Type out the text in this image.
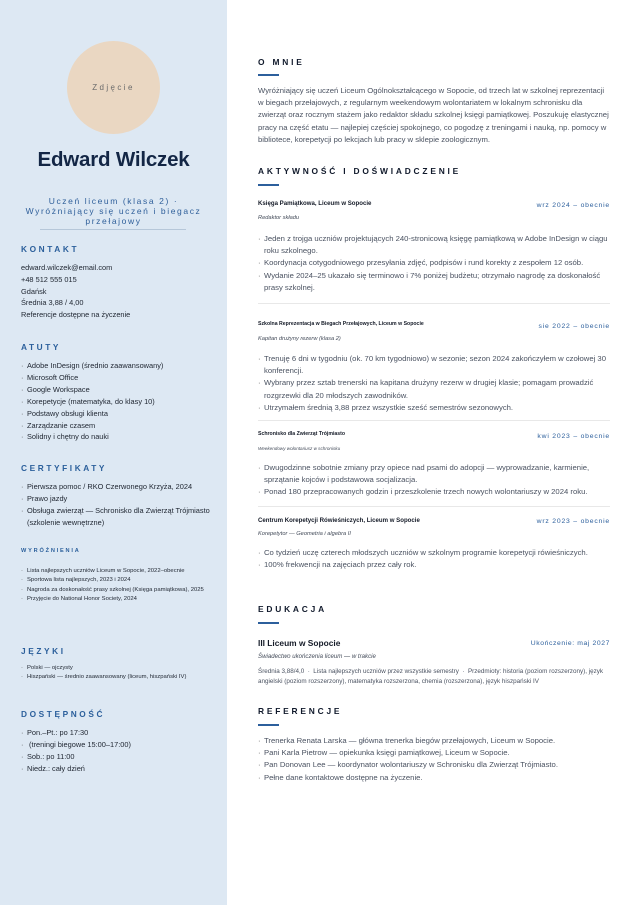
Zdjęcie
Edward Wilczek
Uczeń liceum (klasa 2) · Wyróżniający się uczeń i biegacz przełajowy
KONTAKT
edward.wilczek@email.com
+48 512 555 015
Gdańsk
Średnia 3,88 / 4,00
Referencje dostępne na życzenie
ATUTY
· Adobe InDesign (średnio zaawansowany)
· Microsoft Office
· Google Workspace
· Korepetycje (matematyka, do klasy 10)
· Podstawy obsługi klienta
· Zarządzanie czasem
· Solidny i chętny do nauki
CERTYFIKATY
· Pierwsza pomoc / RKO Czerwonego Krzyża, 2024
· Prawo jazdy
· Obsługa zwierząt — Schronisko dla Zwierząt Trójmiasto (szkolenie wewnętrzne)
WYRÓŻNIENIA
· Lista najlepszych uczniów Liceum w Sopocie, 2022–obecnie
· Sportowa lista najlepszych, 2023 i 2024
· Nagroda za doskonałość prasy szkolnej (Księga pamiątkowa), 2025
· Przyjęcie do National Honor Society, 2024
JĘZYKI
· Polski — ojczysty
· Hiszpański — średnio zaawansowany (liceum, hiszpański IV)
DOSTĘPNOŚĆ
· Pon.–Pt.: po 17:30
·  (treningi biegowe 15:00–17:00)
· Sob.: po 11:00
· Niedz.: cały dzień
O MNIE
Wyróżniający się uczeń Liceum Ogólnokształcącego w Sopocie, od trzech lat w szkolnej reprezentacji w biegach przełajowych, z regularnym weekendowym wolontariatem w lokalnym schronisku dla zwierząt oraz rocznym stażem jako redaktor składu szkolnej księgi pamiątkowej. Poszukuję elastycznej pracy na część etatu — najlepiej częściej spokojnego, co pogodzę z treningami i nauką, np. pomocy w bibliotece, korepetycji po lekcjach lub pracy w sklepie zoologicznym.
AKTYWNOŚĆ I DOŚWIADCZENIE
Księga Pamiątkowa, Liceum w Sopocie	wrz 2024 – obecnie
Redaktor składu
· Jeden z trojga uczniów projektujących 240-stronicową księgę pamiątkową w Adobe InDesign w ciągu roku szkolnego.
· Koordynacja cotygodniowego przesyłania zdjęć, podpisów i rund korekty z zespołem 12 osób.
· Wydanie 2024–25 ukazało się terminowo i 7% poniżej budżetu; otrzymało nagrodę za doskonałość prasy szkolnej.
Szkolna Reprezentacja w Biegach Przełajowych, Liceum w Sopocie	sie 2022 – obecnie
Kapitan drużyny rezerw (klasa 2)
· Trenuję 6 dni w tygodniu (ok. 70 km tygodniowo) w sezonie; sezon 2024 zakończyłem w czołowej 30 konferencji.
· Wybrany przez sztab trenerski na kapitana drużyny rezerw w drugiej klasie; pomagam prowadzić rozgrzewki dla 20 młodszych zawodników.
· Utrzymałem średnią 3,88 przez wszystkie sześć semestrów sezonowych.
Schronisko dla Zwierząt Trójmiasto	kwi 2023 – obecnie
Weekendowy wolontariusz w schronisku
· Dwugodzinne sobotnie zmiany przy opiece nad psami do adopcji — wyprowadzanie, karmienie, sprzątanie kojców i podstawowa socjalizacja.
· Ponad 180 przepracowanych godzin i przeszkolenie trzech nowych wolontariuszy w 2024 roku.
Centrum Korepetycji Rówieśniczych, Liceum w Sopocie	wrz 2023 – obecnie
Korepetytor — Geometria i algebra II
· Co tydzień uczę czterech młodszych uczniów w szkolnym programie korepetycji rówieśniczych.
· 100% frekwencji na zajęciach przez cały rok.
EDUKACJA
III Liceum w Sopocie	Ukończenie: maj 2027
Świadectwo ukończenia liceum — w trakcie
Średnia 3,88/4,0  ·  Lista najlepszych uczniów przez wszystkie semestry  ·  Przedmioty: historia (poziom rozszerzony), język angielski (poziom rozszerzony), matematyka rozszerzona, chemia (rozszerzona), język hiszpański IV
REFERENCJE
· Trenerka Renata Larska — główna trenerka biegów przełajowych, Liceum w Sopocie.
· Pani Karla Pietrow — opiekunka księgi pamiątkowej, Liceum w Sopocie.
· Pan Donovan Lee — koordynator wolontariuszy w Schronisku dla Zwierząt Trójmiasto.
· Pełne dane kontaktowe dostępne na życzenie.
